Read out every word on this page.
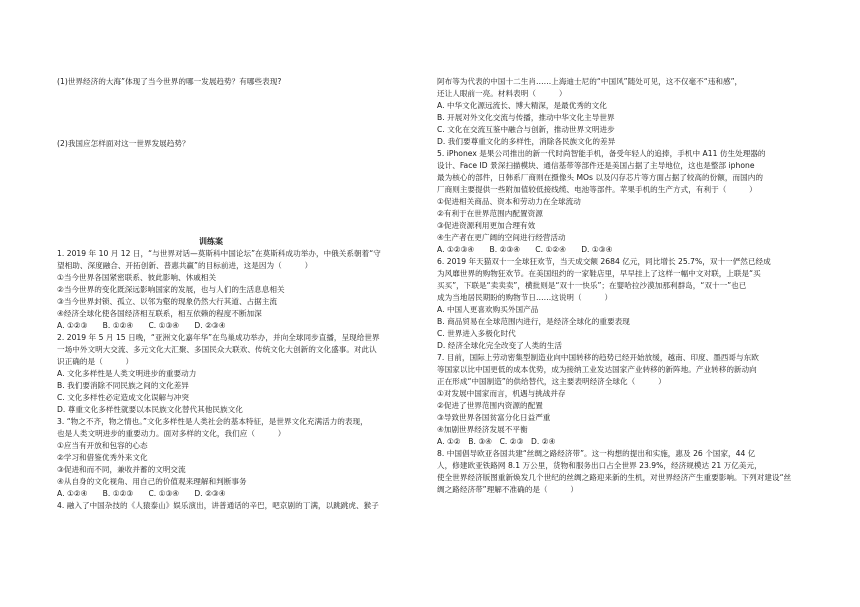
(1)世界经济的大海”体现了当今世界的哪一发展趋势？有哪些表现?
(2)我国应怎样面对这一世界发展趋势？
训练案
1. 2019 年 10 月 12 日，“与世界对话—莫斯科中国论坛”在莫斯科成功举办，中俄关系朝着“守
望相助、深度融合、开拓创新、普惠共赢”的目标前进，这是因为（　　　）
①当今世界各国紧密联系、彼此影响、休戚相关
②当今世界的变化既深远影响国家的发展，也与人们的生活息息相关
③当今世界封锁、孤立、以邻为壑的现象仍然大行其道、占据主流
④经济全球化使各国经济相互联系，相互依赖的程度不断加深
A. ①②③　　B. ①②④　　C. ①③④　　D. ②③④
2. 2019 年 5 月 15 日晚，“亚洲文化嘉年华”在鸟巢成功举办，并向全球同步直播，呈现给世界
一场中外文明大交流、多元文化大汇聚、多国民众大联欢、传统文化大创新的文化盛事。对此认
识正确的是（　　　）
A. 文化多样性是人类文明进步的重要动力
B. 我们要消除不同民族之间的文化差异
C. 文化多样性必定造成文化误解与冲突
D. 尊重文化多样性就要以本民族文化替代其他民族文化
3. “物之不齐，物之情也。”文化多样性是人类社会的基本特征，是世界文化充满活力的表现，
也是人类文明进步的重要动力。面对多样的文化，我们应（　　　）
①应当有开放和包容的心态
②学习和借鉴优秀外来文化
③促进和而不同，兼收并蓄的文明交流
④从自身的文化视角、用自己的价值观来理解和判断事务
A. ①②④　　B. ①②③　　C. ①③④　　D. ②③④
4. 融入了中国杂技的《人猿泰山》娱乐演出，讲普通话的辛巴，吧京剧的丁满，以跳跳虎、猴子
阿布等为代表的中国十二生肖……上海迪士尼的“中国风”随处可见，这不仅毫不“违和感”，
还让人眼前一亮。材料表明（　　　）
A. 中华文化源远流长、博大精深，是最优秀的文化
B. 开展对外文化交流与传播，推动中华文化主导世界
C. 文化在交流互鉴中融合与创新，推动世界文明进步
D. 我们要尊重文化的多样性，消除各民族文化的差异
5. iPhonex 是果公司推出的新一代时尚智能手机，备受年轻人的追捧，手机中 A11 仿生处理器的
设计、Face ID 景深扫描模块、通信基带等部件还是美国占据了主导地位，这也是整部 iphone
最为核心的部件，日韩系厂商则在摄像头 MOs 以及闪存芯片等方面占据了较高的份额，而国内的
厂商则主要提供一些附加值较低接线缆、电池等部件。苹果手机的生产方式，有利于（　　　）
①促进相关商品、资本和劳动力在全球流动
②有利于在世界范围内配置资源
③促进资源利用更加合理有效
④生产者在更广阔的空间进行经营活动
A. ①②③④　　B. ②③④　　C. ①②④　　D. ①③④
6. 2019 年天猫双十一全球狂欢节，当天成交额 2684 亿元，同比增长 25.7%，双十一俨然已经成
为风靡世界的购物狂欢节。在美国纽约的一家鞋店里，早早挂上了这样一幅中文对联，上联是“买
买买”，下联是“卖卖卖”，横批则是“双十一快乐”；在婴哈拉沙漠加那利群岛，“双十一”也已
成为当地居民期盼的购物节日……这说明（　　　）
A. 中国人更喜欢购买外国产品
B. 商品贸易在全球范围内进行，是经济全球化的重要表现
C. 世界进入多极化时代
D. 经济全球化完全改变了人类的生活
7. 目前，国际上劳动密集型制造业向中国转移的趋势已经开始放缓，越南、印度、墨西哥与东欧
等国家以比中国更低的成本优势，成为接纳工业发达国家产业转移的新阵地。产业转移的新动向
正在形成“中国制造”的供给替代，这主要表明经济全球化（　　　）
①对发展中国家而言，机遇与挑战并存
②促进了世界范围内资源的配置
③导致世界各国贫富分化日益严重
④加剧世界经济发展不平衡
A. ①②　B. ③④　C. ②③　D. ②④
8. 中国倡导欧亚各国共建“丝绸之路经济带”。这一构想的提出和实施，惠及 26 个国家，44 亿
人，修建欧亚铁路网 8.1 万公里，货物和服务出口占全世界 23.9%，经济规模达 21 万亿美元，
使全世界经济版图重新焕发几个世纪的丝绸之路迎来新的生机，对世界经济产生重要影响。下列对建设“丝
绸之路经济带”理解不准确的是（　　　）
